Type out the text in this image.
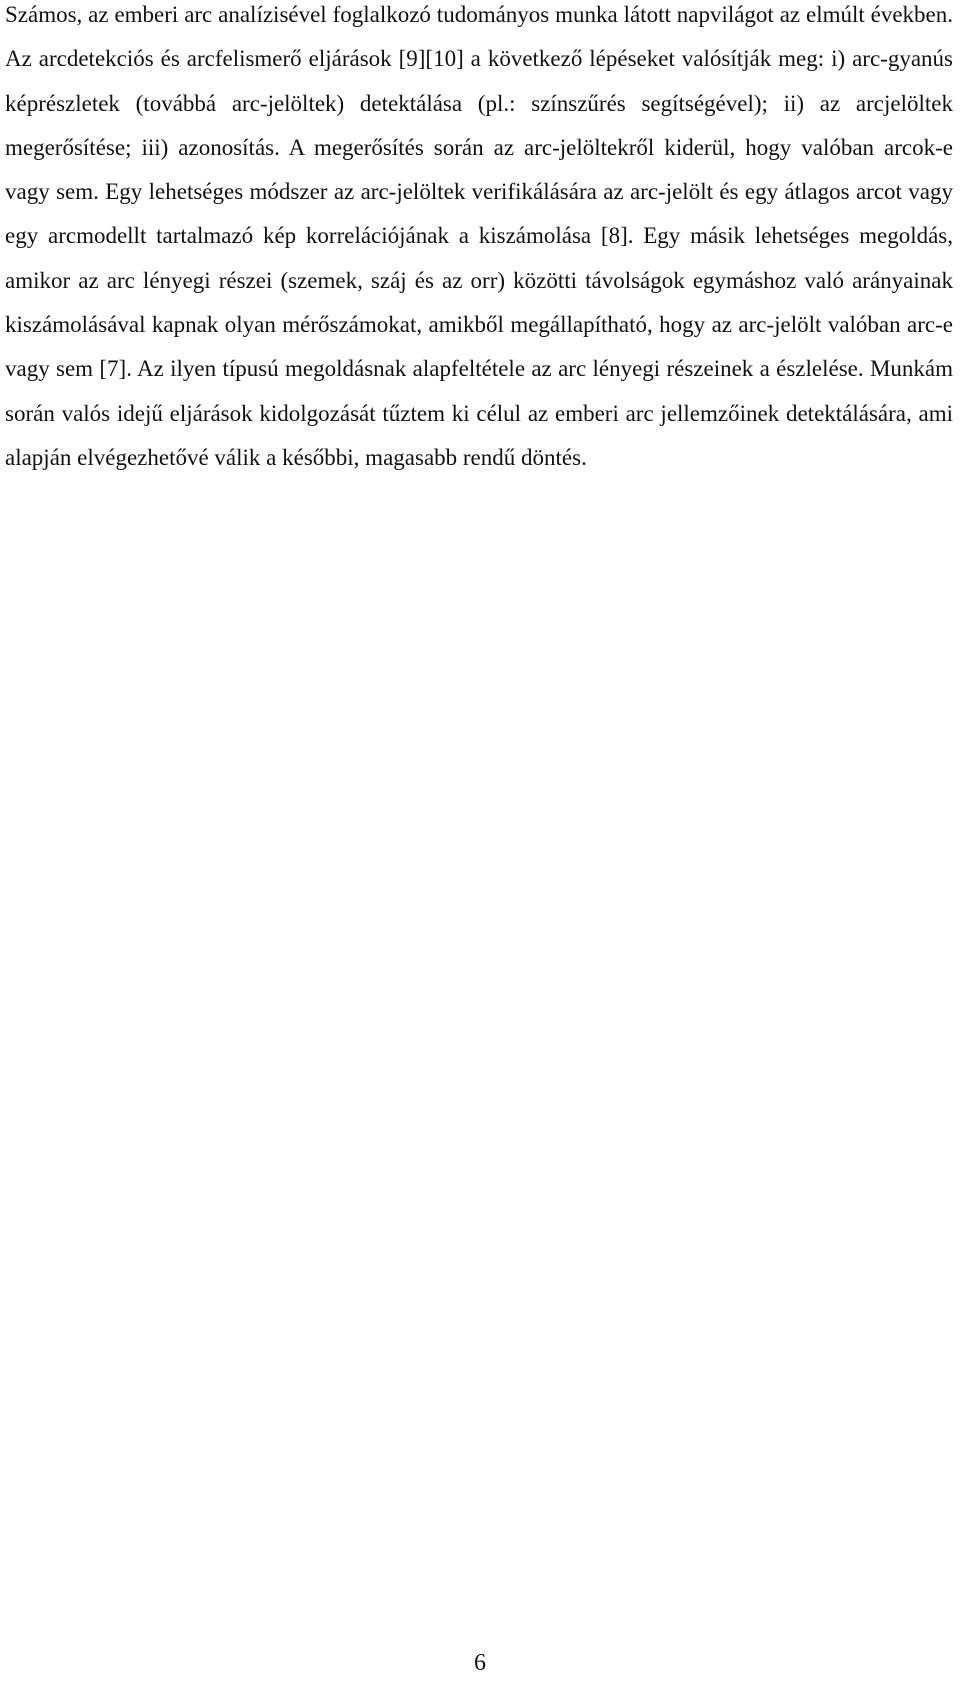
Számos, az emberi arc analízisével foglalkozó tudományos munka látott napvilágot az elmúlt években. Az arcdetekciós és arcfelismerő eljárások [9][10] a következő lépéseket valósítják meg: i) arc-gyanús képrészletek (továbbá arc-jelöltek) detektálása (pl.: színszűrés segítségével); ii) az arcjelöltek megerősítése; iii) azonosítás. A megerősítés során az arc-jelöltekről kiderül, hogy valóban arcok-e vagy sem. Egy lehetséges módszer az arc-jelöltek verifikálására az arc-jelölt és egy átlagos arcot vagy egy arcmodellt tartalmazó kép korrelációjának a kiszámolása [8]. Egy másik lehetséges megoldás, amikor az arc lényegi részei (szemek, száj és az orr) közötti távolságok egymáshoz való arányainak kiszámolásával kapnak olyan mérőszámokat, amikből megállapítható, hogy az arc-jelölt valóban arc-e vagy sem [7]. Az ilyen típusú megoldásnak alapfeltétele az arc lényegi részeinek a észlelése. Munkám során valós idejű eljárások kidolgozását tűztem ki célul az emberi arc jellemzőinek detektálására, ami alapján elvégezhetővé válik a későbbi, magasabb rendű döntés.

6
